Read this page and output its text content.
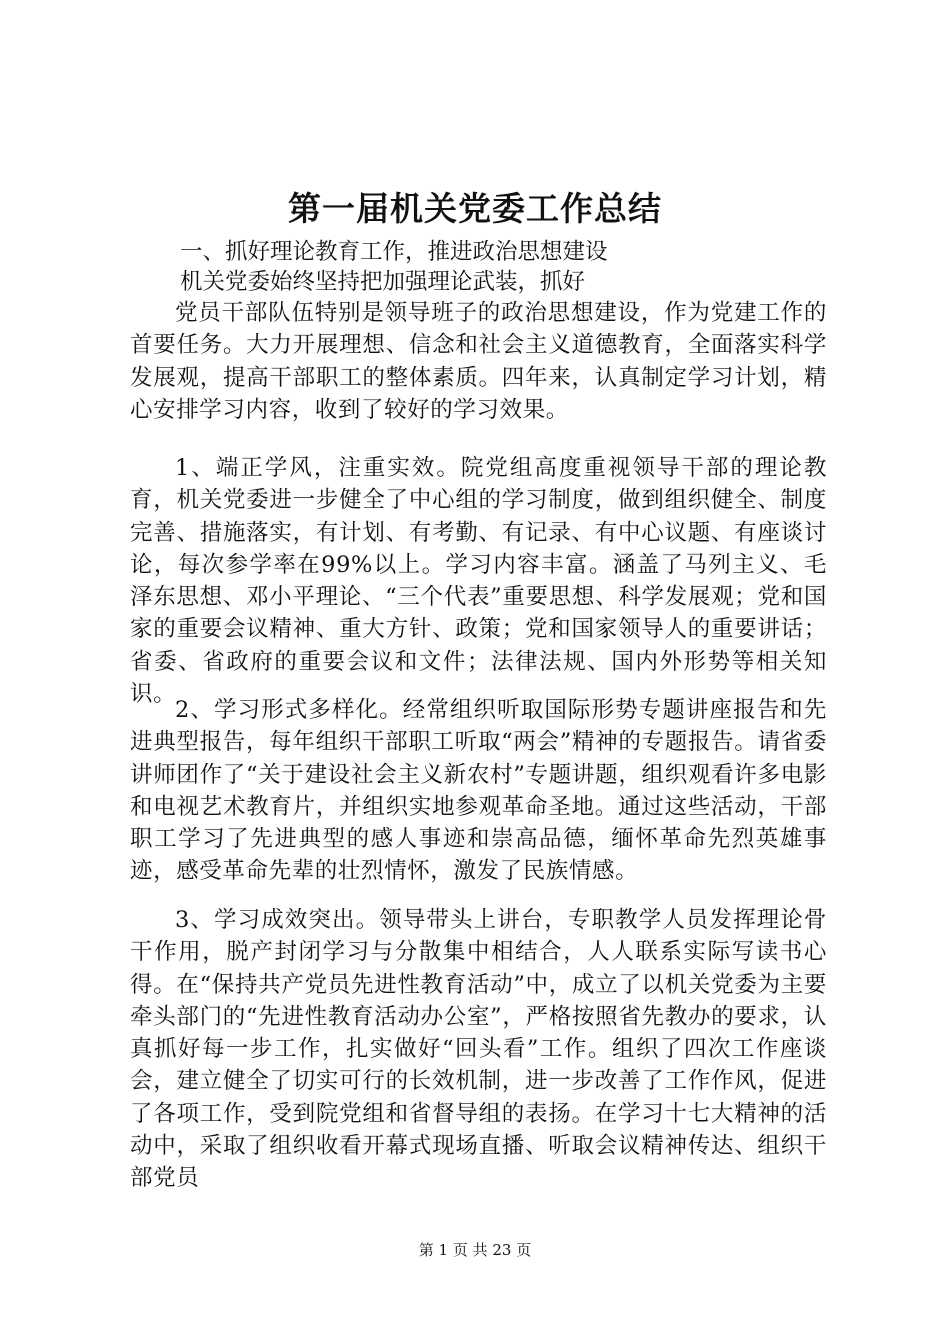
第一届机关党委工作总结

一、抓好理论教育工作，推进政治思想建设

机关党委始终坚持把加强理论武装，抓好

党员干部队伍特别是领导班子的政治思想建设，作为党建工作的首要任务。大力开展理想、信念和社会主义道德教育，全面落实科学发展观，提高干部职工的整体素质。四年来，认真制定学习计划，精心安排学习内容，收到了较好的学习效果。

1、端正学风，注重实效。院党组高度重视领导干部的理论教育，机关党委进一步健全了中心组的学习制度，做到组织健全、制度完善、措施落实，有计划、有考勤、有记录、有中心议题、有座谈讨论，每次参学率在99%以上。学习内容丰富。涵盖了马列主义、毛泽东思想、邓小平理论、“三个代表”重要思想、科学发展观；党和国家的重要会议精神、重大方针、政策；党和国家领导人的重要讲话；省委、省政府的重要会议和文件；法律法规、国内外形势等相关知识。

2、学习形式多样化。经常组织听取国际形势专题讲座报告和先进典型报告，每年组织干部职工听取“两会”精神的专题报告。请省委讲师团作了“关于建设社会主义新农村”专题讲题，组织观看许多电影和电视艺术教育片，并组织实地参观革命圣地。通过这些活动，干部职工学习了先进典型的感人事迹和崇高品德，缅怀革命先烈英雄事迹，感受革命先辈的壮烈情怀，激发了民族情感。

3、学习成效突出。领导带头上讲台，专职教学人员发挥理论骨干作用，脱产封闭学习与分散集中相结合，人人联系实际写读书心得。在“保持共产党员先进性教育活动”中，成立了以机关党委为主要牵头部门的“先进性教育活动办公室”，严格按照省先教办的要求，认真抓好每一步工作，扎实做好“回头看”工作。组织了四次工作座谈会，建立健全了切实可行的长效机制，进一步改善了工作作风，促进了各项工作，受到院党组和省督导组的表扬。在学习十七大精神的活动中，采取了组织收看开幕式现场直播、听取会议精神传达、组织干部党员

第 1 页 共 23 页
